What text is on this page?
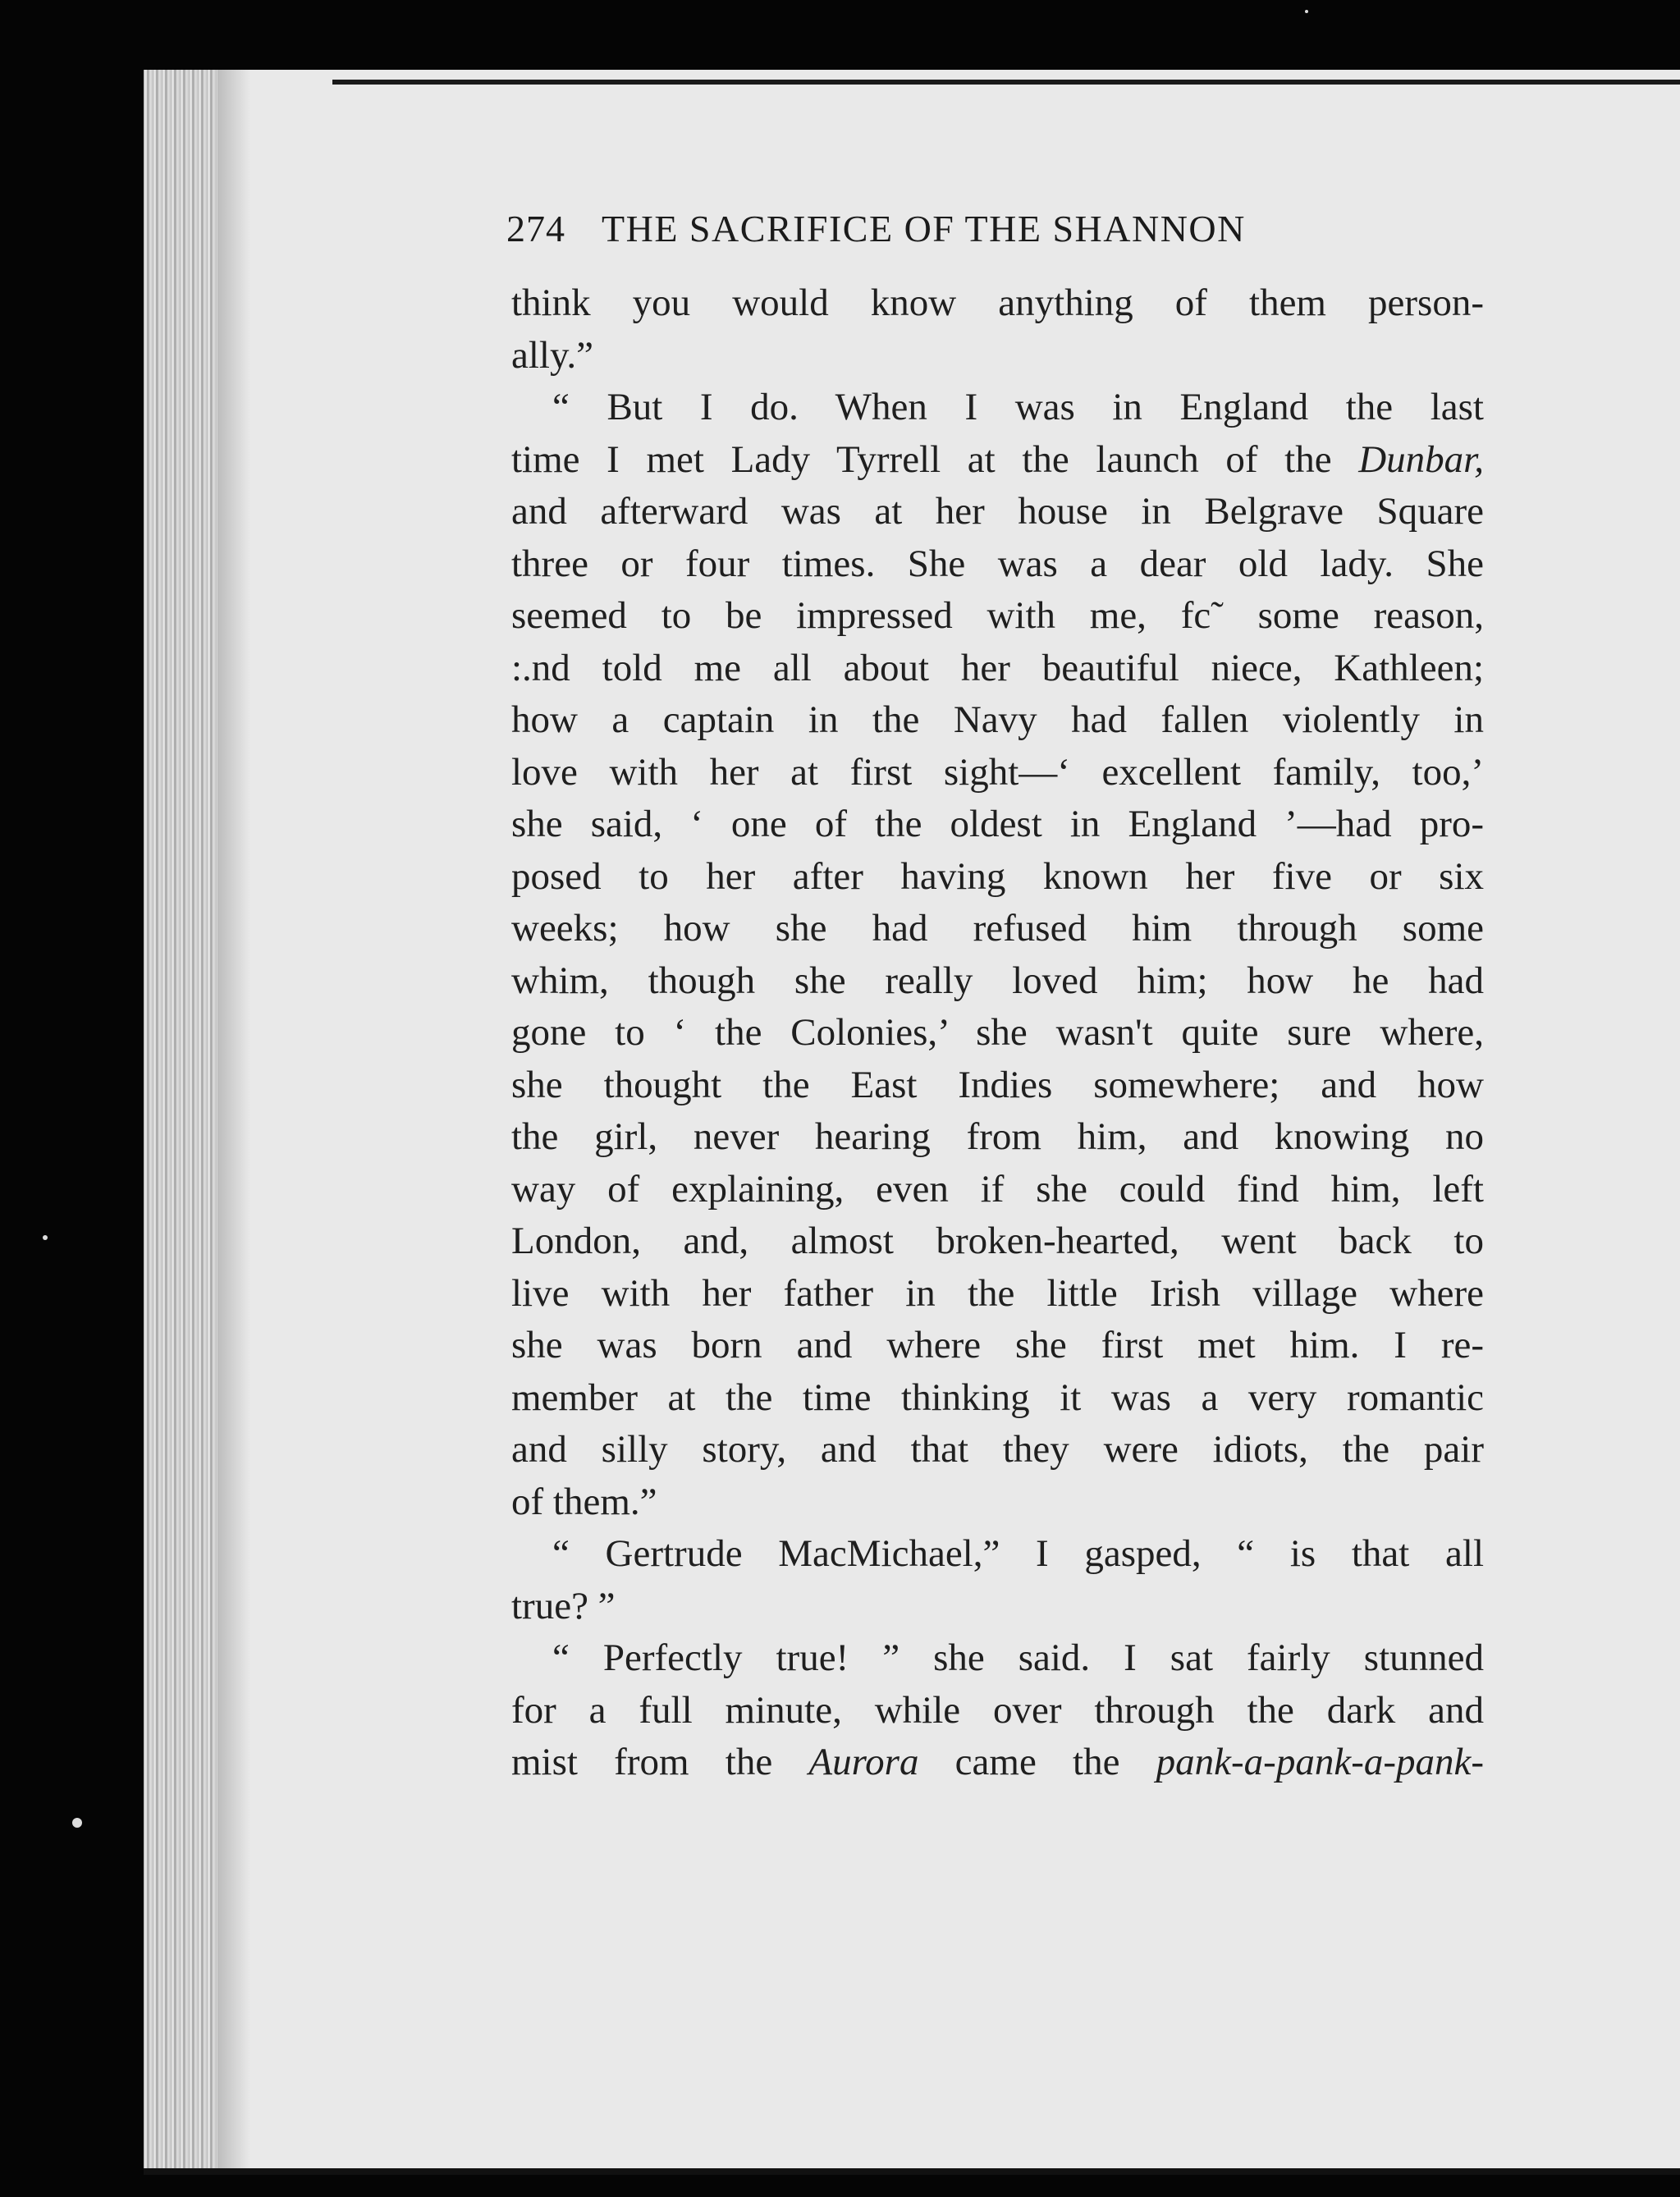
274 THE SACRIFICE OF THE SHANNON
think you would know anything of them person-
ally.”
“ But I do. When I was in England the last
time I met Lady Tyrrell at the launch of the Dunbar,
and afterward was at her house in Belgrave Square
three or four times. She was a dear old lady. She
seemed to be impressed with me, fc˜ some reason,
:.nd told me all about her beautiful niece, Kathleen;
how a captain in the Navy had fallen violently in
love with her at first sight—‘ excellent family, too,’
she said, ‘ one of the oldest in England ’—had pro-
posed to her after having known her five or six
weeks; how she had refused him through some
whim, though she really loved him; how he had
gone to ‘ the Colonies,’ she wasn't quite sure where,
she thought the East Indies somewhere; and how
the girl, never hearing from him, and knowing no
way of explaining, even if she could find him, left
London, and, almost broken-hearted, went back to
live with her father in the little Irish village where
she was born and where she first met him. I re-
member at the time thinking it was a very romantic
and silly story, and that they were idiots, the pair
of them.”
“ Gertrude MacMichael,” I gasped, “ is that all
true? ”
“ Perfectly true! ” she said. I sat fairly stunned
for a full minute, while over through the dark and
mist from the Aurora came the pank-a-pank-a-pank-
